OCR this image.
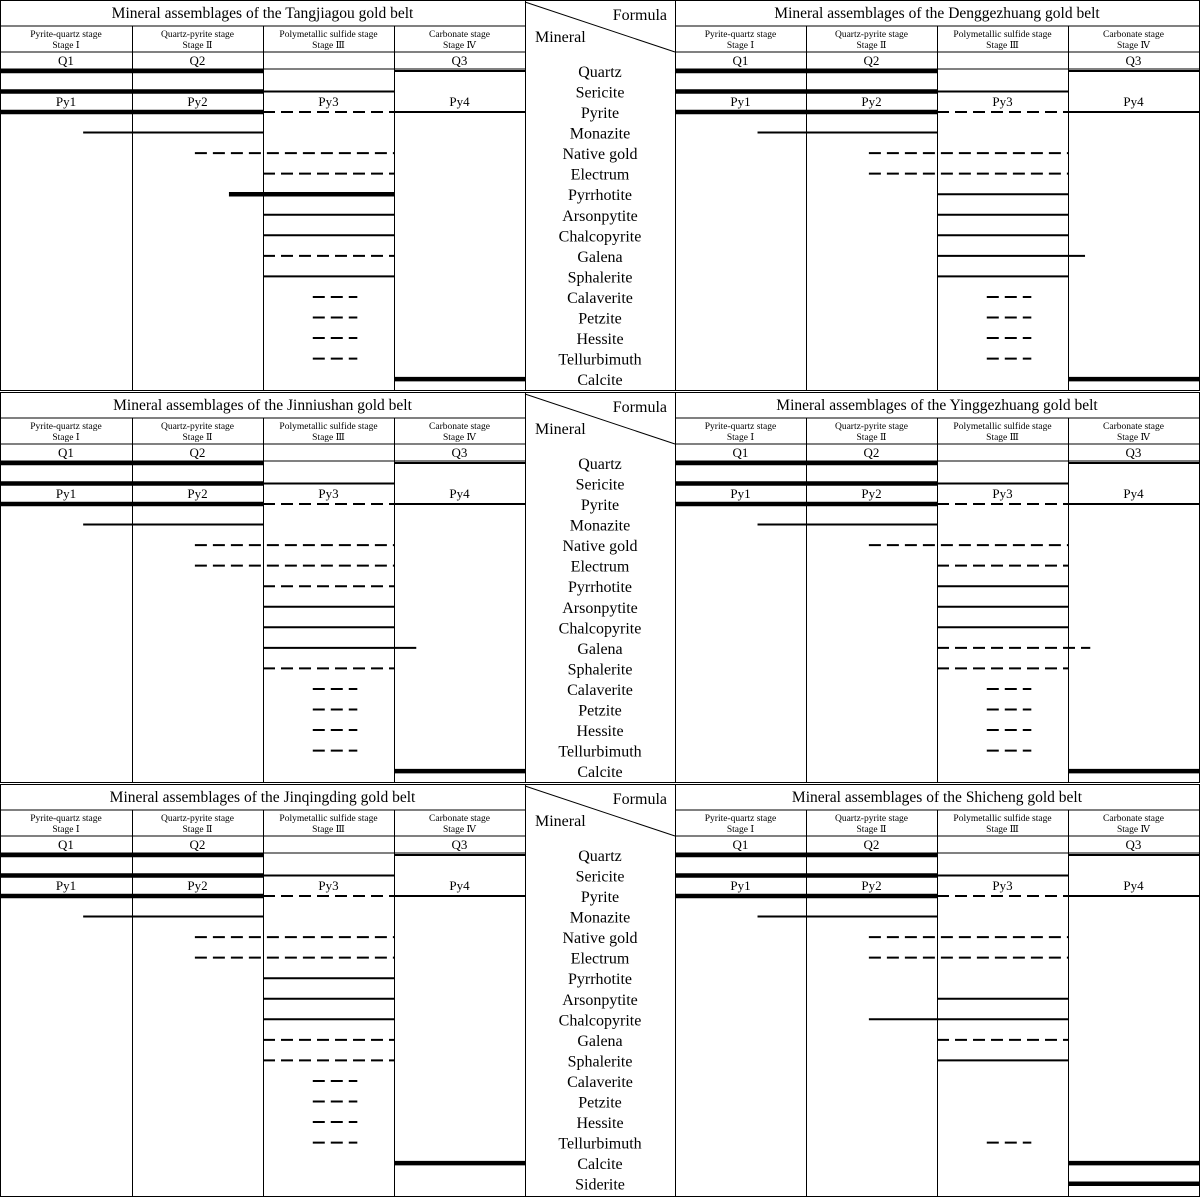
Formula
Mineral
Quartz
Sericite
Pyrite
Monazite
Native gold
Electrum
Pyrrhotite
Arsonpytite
Chalcopyrite
Galena
Sphalerite
Calaverite
Petzite
Hessite
Tellurbimuth
Calcite
Mineral assemblages of the Tangjiagou gold belt
Pyrite-quartz stage
Stage Ⅰ
Q1
Py1
Quartz-pyrite stage
Stage Ⅱ
Q2
Py2
Polymetallic sulfide stage
Stage Ⅲ
Py3
Carbonate stage
Stage Ⅳ
Q3
Py4
Mineral assemblages of the Denggezhuang gold belt
Pyrite-quartz stage
Stage Ⅰ
Q1
Py1
Quartz-pyrite stage
Stage Ⅱ
Q2
Py2
Polymetallic sulfide stage
Stage Ⅲ
Py3
Carbonate stage
Stage Ⅳ
Q3
Py4
Formula
Mineral
Quartz
Sericite
Pyrite
Monazite
Native gold
Electrum
Pyrrhotite
Arsonpytite
Chalcopyrite
Galena
Sphalerite
Calaverite
Petzite
Hessite
Tellurbimuth
Calcite
Mineral assemblages of the Jinniushan gold belt
Pyrite-quartz stage
Stage Ⅰ
Q1
Py1
Quartz-pyrite stage
Stage Ⅱ
Q2
Py2
Polymetallic sulfide stage
Stage Ⅲ
Py3
Carbonate stage
Stage Ⅳ
Q3
Py4
Mineral assemblages of the Yinggezhuang gold belt
Pyrite-quartz stage
Stage Ⅰ
Q1
Py1
Quartz-pyrite stage
Stage Ⅱ
Q2
Py2
Polymetallic sulfide stage
Stage Ⅲ
Py3
Carbonate stage
Stage Ⅳ
Q3
Py4
Formula
Mineral
Quartz
Sericite
Pyrite
Monazite
Native gold
Electrum
Pyrrhotite
Arsonpytite
Chalcopyrite
Galena
Sphalerite
Calaverite
Petzite
Hessite
Tellurbimuth
Calcite
Siderite
Mineral assemblages of the Jinqingding gold belt
Pyrite-quartz stage
Stage Ⅰ
Q1
Py1
Quartz-pyrite stage
Stage Ⅱ
Q2
Py2
Polymetallic sulfide stage
Stage Ⅲ
Py3
Carbonate stage
Stage Ⅳ
Q3
Py4
Mineral assemblages of the Shicheng gold belt
Pyrite-quartz stage
Stage Ⅰ
Q1
Py1
Quartz-pyrite stage
Stage Ⅱ
Q2
Py2
Polymetallic sulfide stage
Stage Ⅲ
Py3
Carbonate stage
Stage Ⅳ
Q3
Py4
